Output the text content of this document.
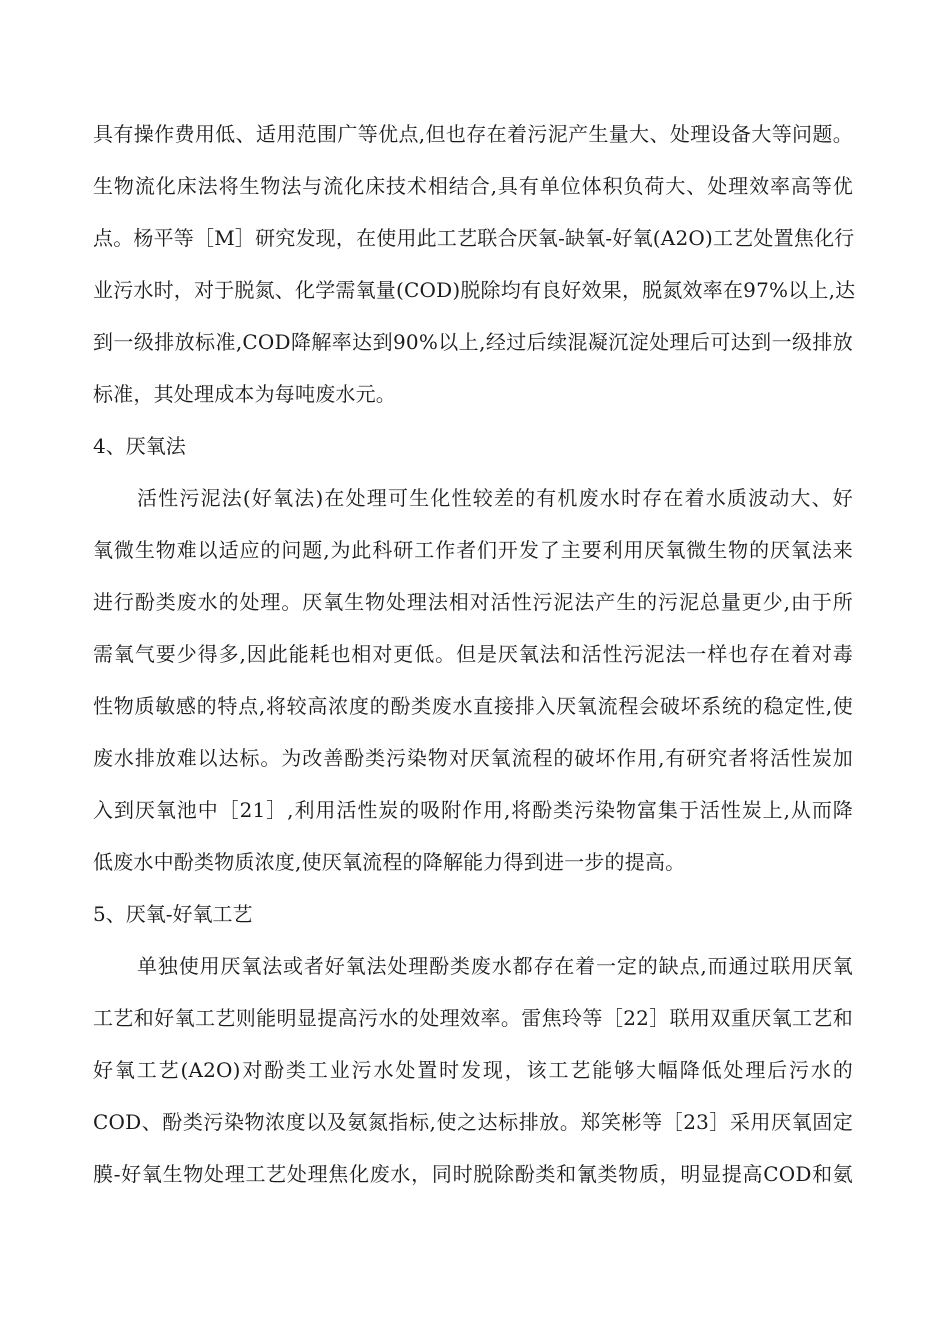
具有操作费用低、适用范围广等优点,但也存在着污泥产生量大、处理设备大等问题。
生物流化床法将生物法与流化床技术相结合,具有单位体积负荷大、处理效率高等优
点。杨平等［M］研究发现，在使用此工艺联合厌氧-缺氧-好氧(A2O)工艺处置焦化行
业污水时，对于脱氮、化学需氧量(COD)脱除均有良好效果，脱氮效率在97%以上,达
到一级排放标准,COD降解率达到90%以上,经过后续混凝沉淀处理后可达到一级排放
标准，其处理成本为每吨废水元。
4、厌氧法
活性污泥法(好氧法)在处理可生化性较差的有机废水时存在着水质波动大、好
氧微生物难以适应的问题,为此科研工作者们开发了主要利用厌氧微生物的厌氧法来
进行酚类废水的处理。厌氧生物处理法相对活性污泥法产生的污泥总量更少,由于所
需氧气要少得多,因此能耗也相对更低。但是厌氧法和活性污泥法一样也存在着对毒
性物质敏感的特点,将较高浓度的酚类废水直接排入厌氧流程会破坏系统的稳定性,使
废水排放难以达标。为改善酚类污染物对厌氧流程的破坏作用,有研究者将活性炭加
入到厌氧池中［21］,利用活性炭的吸附作用,将酚类污染物富集于活性炭上,从而降
低废水中酚类物质浓度,使厌氧流程的降解能力得到进一步的提高。
5、厌氧-好氧工艺
单独使用厌氧法或者好氧法处理酚类废水都存在着一定的缺点,而通过联用厌氧
工艺和好氧工艺则能明显提高污水的处理效率。雷焦玲等［22］联用双重厌氧工艺和
好氧工艺(A2O)对酚类工业污水处置时发现，该工艺能够大幅降低处理后污水的
COD、酚类污染物浓度以及氨氮指标,使之达标排放。郑笑彬等［23］采用厌氧固定
膜-好氧生物处理工艺处理焦化废水，同时脱除酚类和氰类物质，明显提高COD和氨
